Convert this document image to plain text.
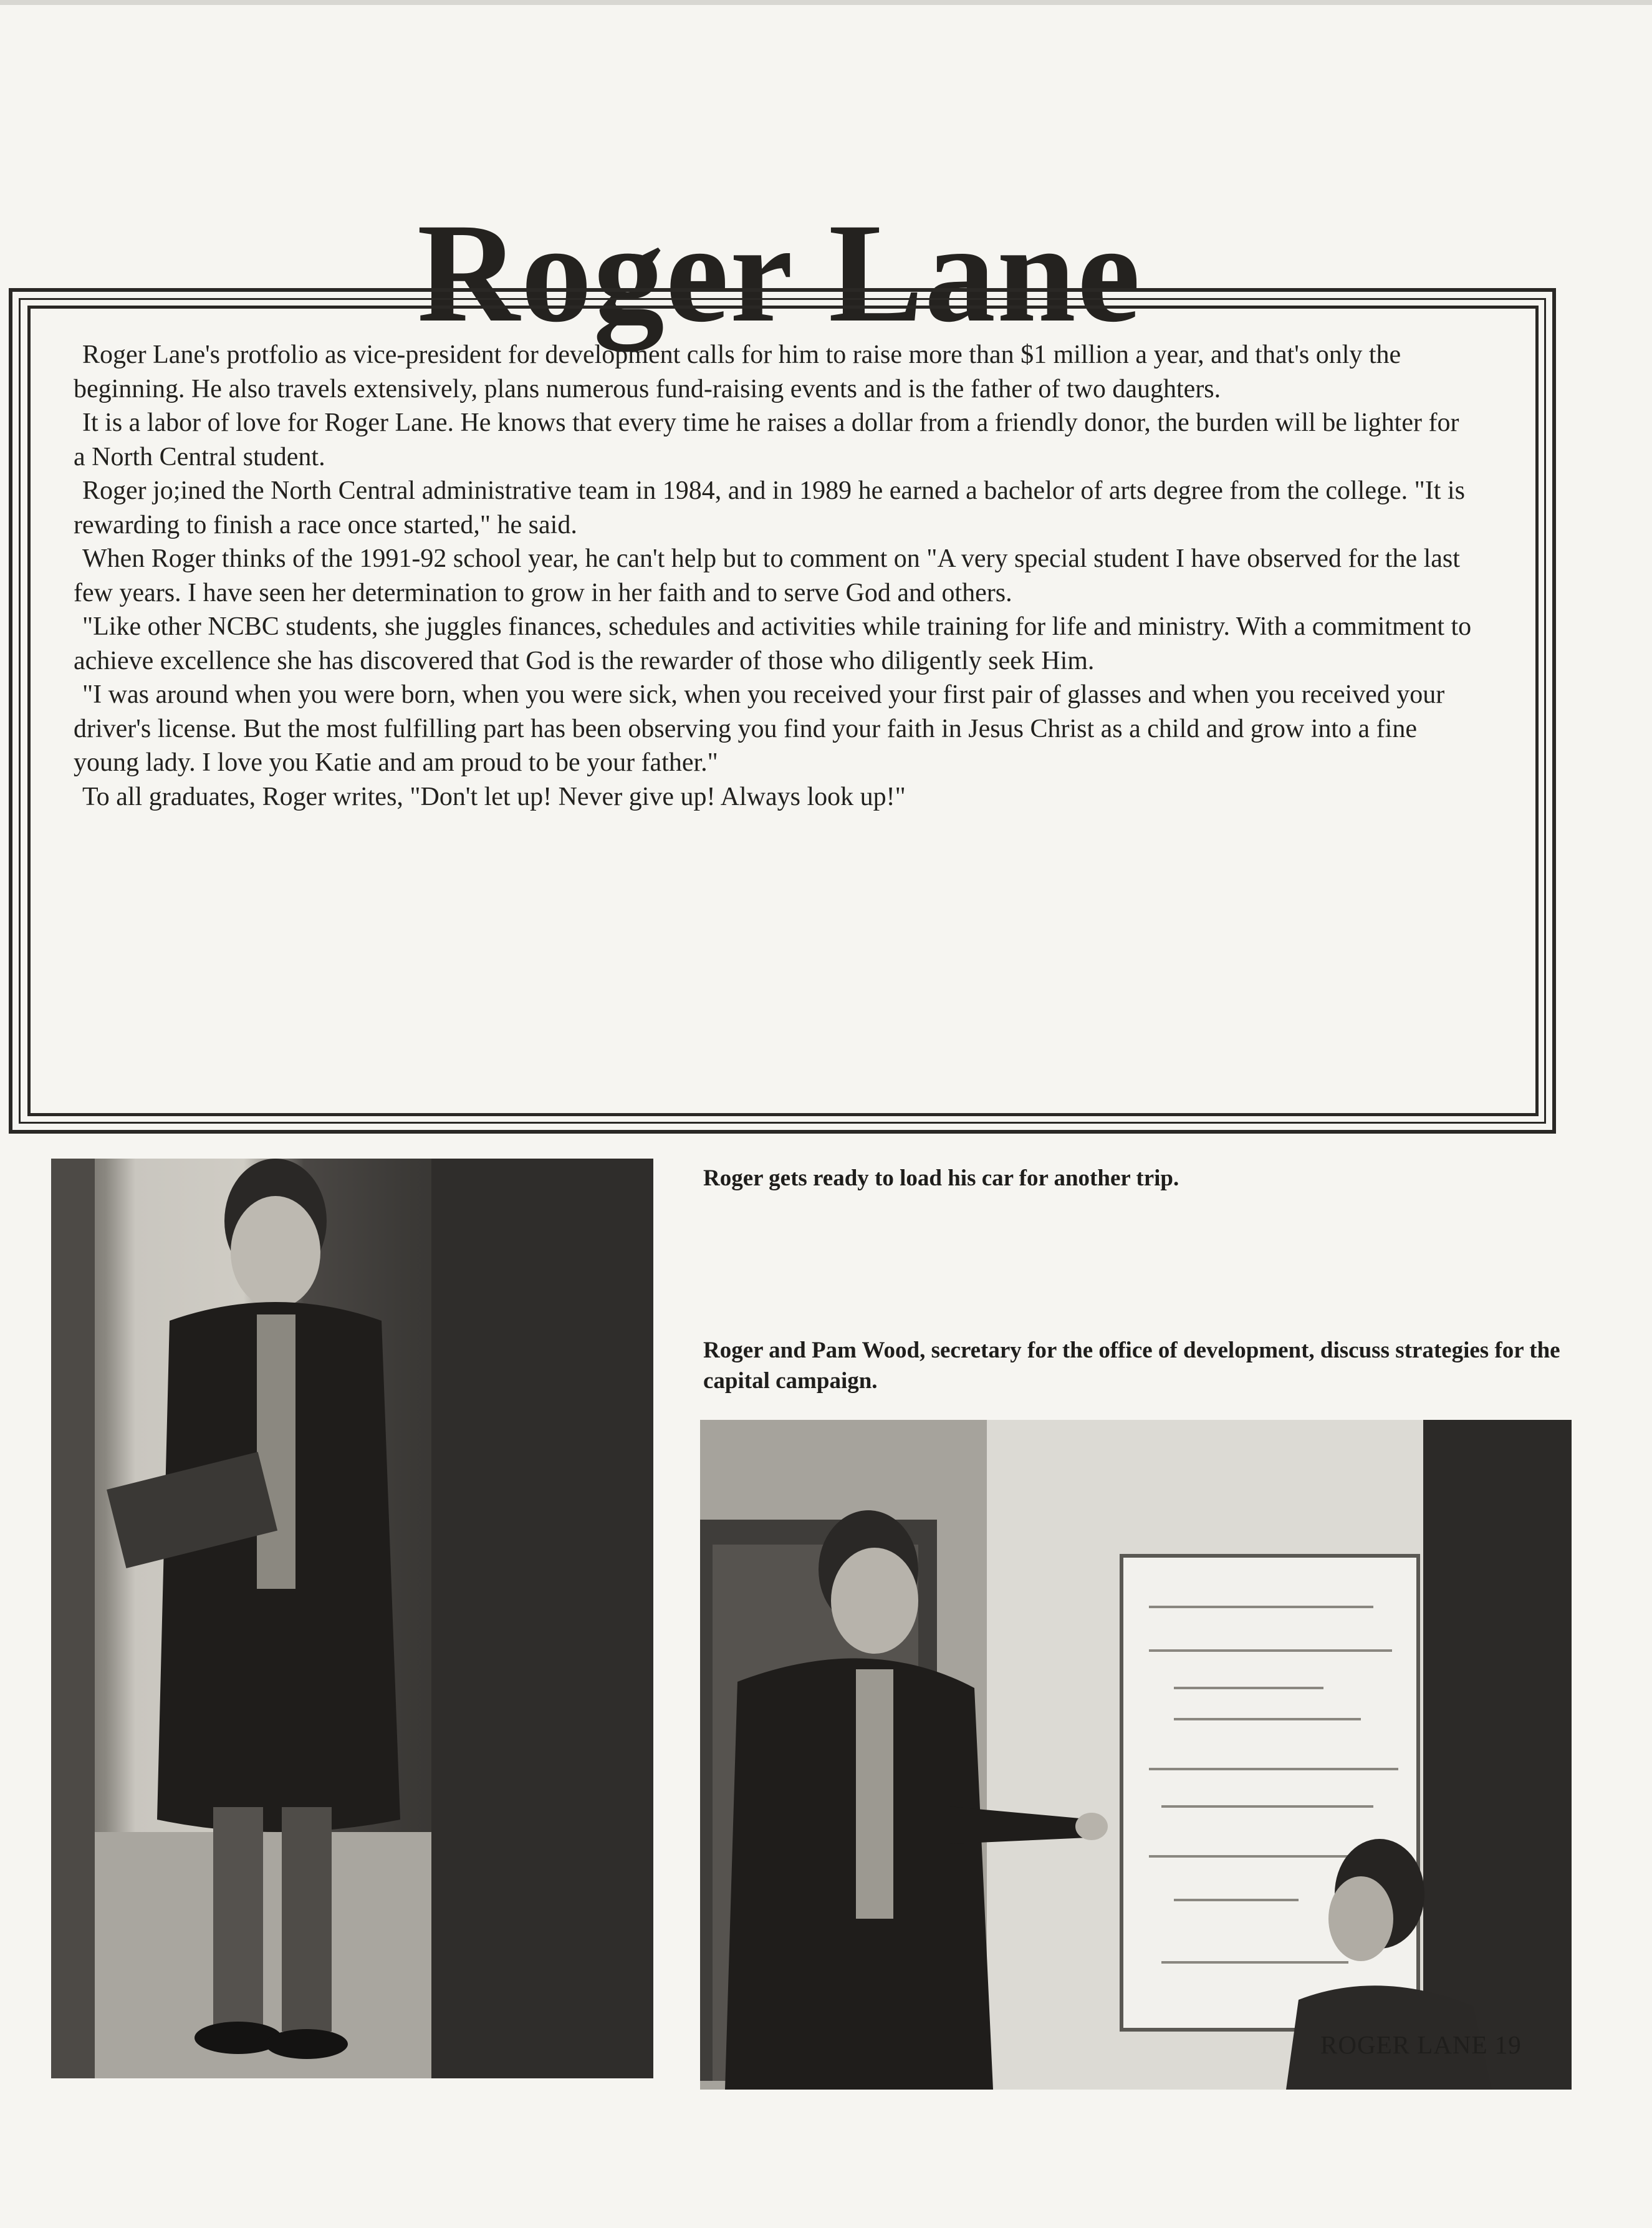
Roger Lane

Roger Lane's protfolio as vice-president for development calls for him to raise more than $1 million a year, and that's only the beginning. He also travels extensively, plans numerous fund-raising events and is the father of two daughters.

It is a labor of love for Roger Lane. He knows that every time he raises a dollar from a friendly donor, the burden will be lighter for a North Central student.

Roger jo;ined the North Central administrative team in 1984, and in 1989 he earned a bachelor of arts degree from the college. "It is rewarding to finish a race once started," he said.

When Roger thinks of the 1991-92 school year, he can't help but to comment on "A very special student I have observed for the last few years. I have seen her determination to grow in her faith and to serve God and others.

"Like other NCBC students, she juggles finances, schedules and activities while training for life and ministry. With a commitment to achieve excellence she has discovered that God is the rewarder of those who diligently seek Him.

"I was around when you were born, when you were sick, when you received your first pair of glasses and when you received your driver's license. But the most fulfilling part has been observing you find your faith in Jesus Christ as a child and grow into a fine young lady. I love you Katie and am proud to be your father."

To all graduates, Roger writes, "Don't let up! Never give up! Always look up!"

Roger gets ready to load his car for another trip.
Roger and Pam Wood, secretary for the office of development, discuss strategies for the capital campaign.
ROGER LANE 19
